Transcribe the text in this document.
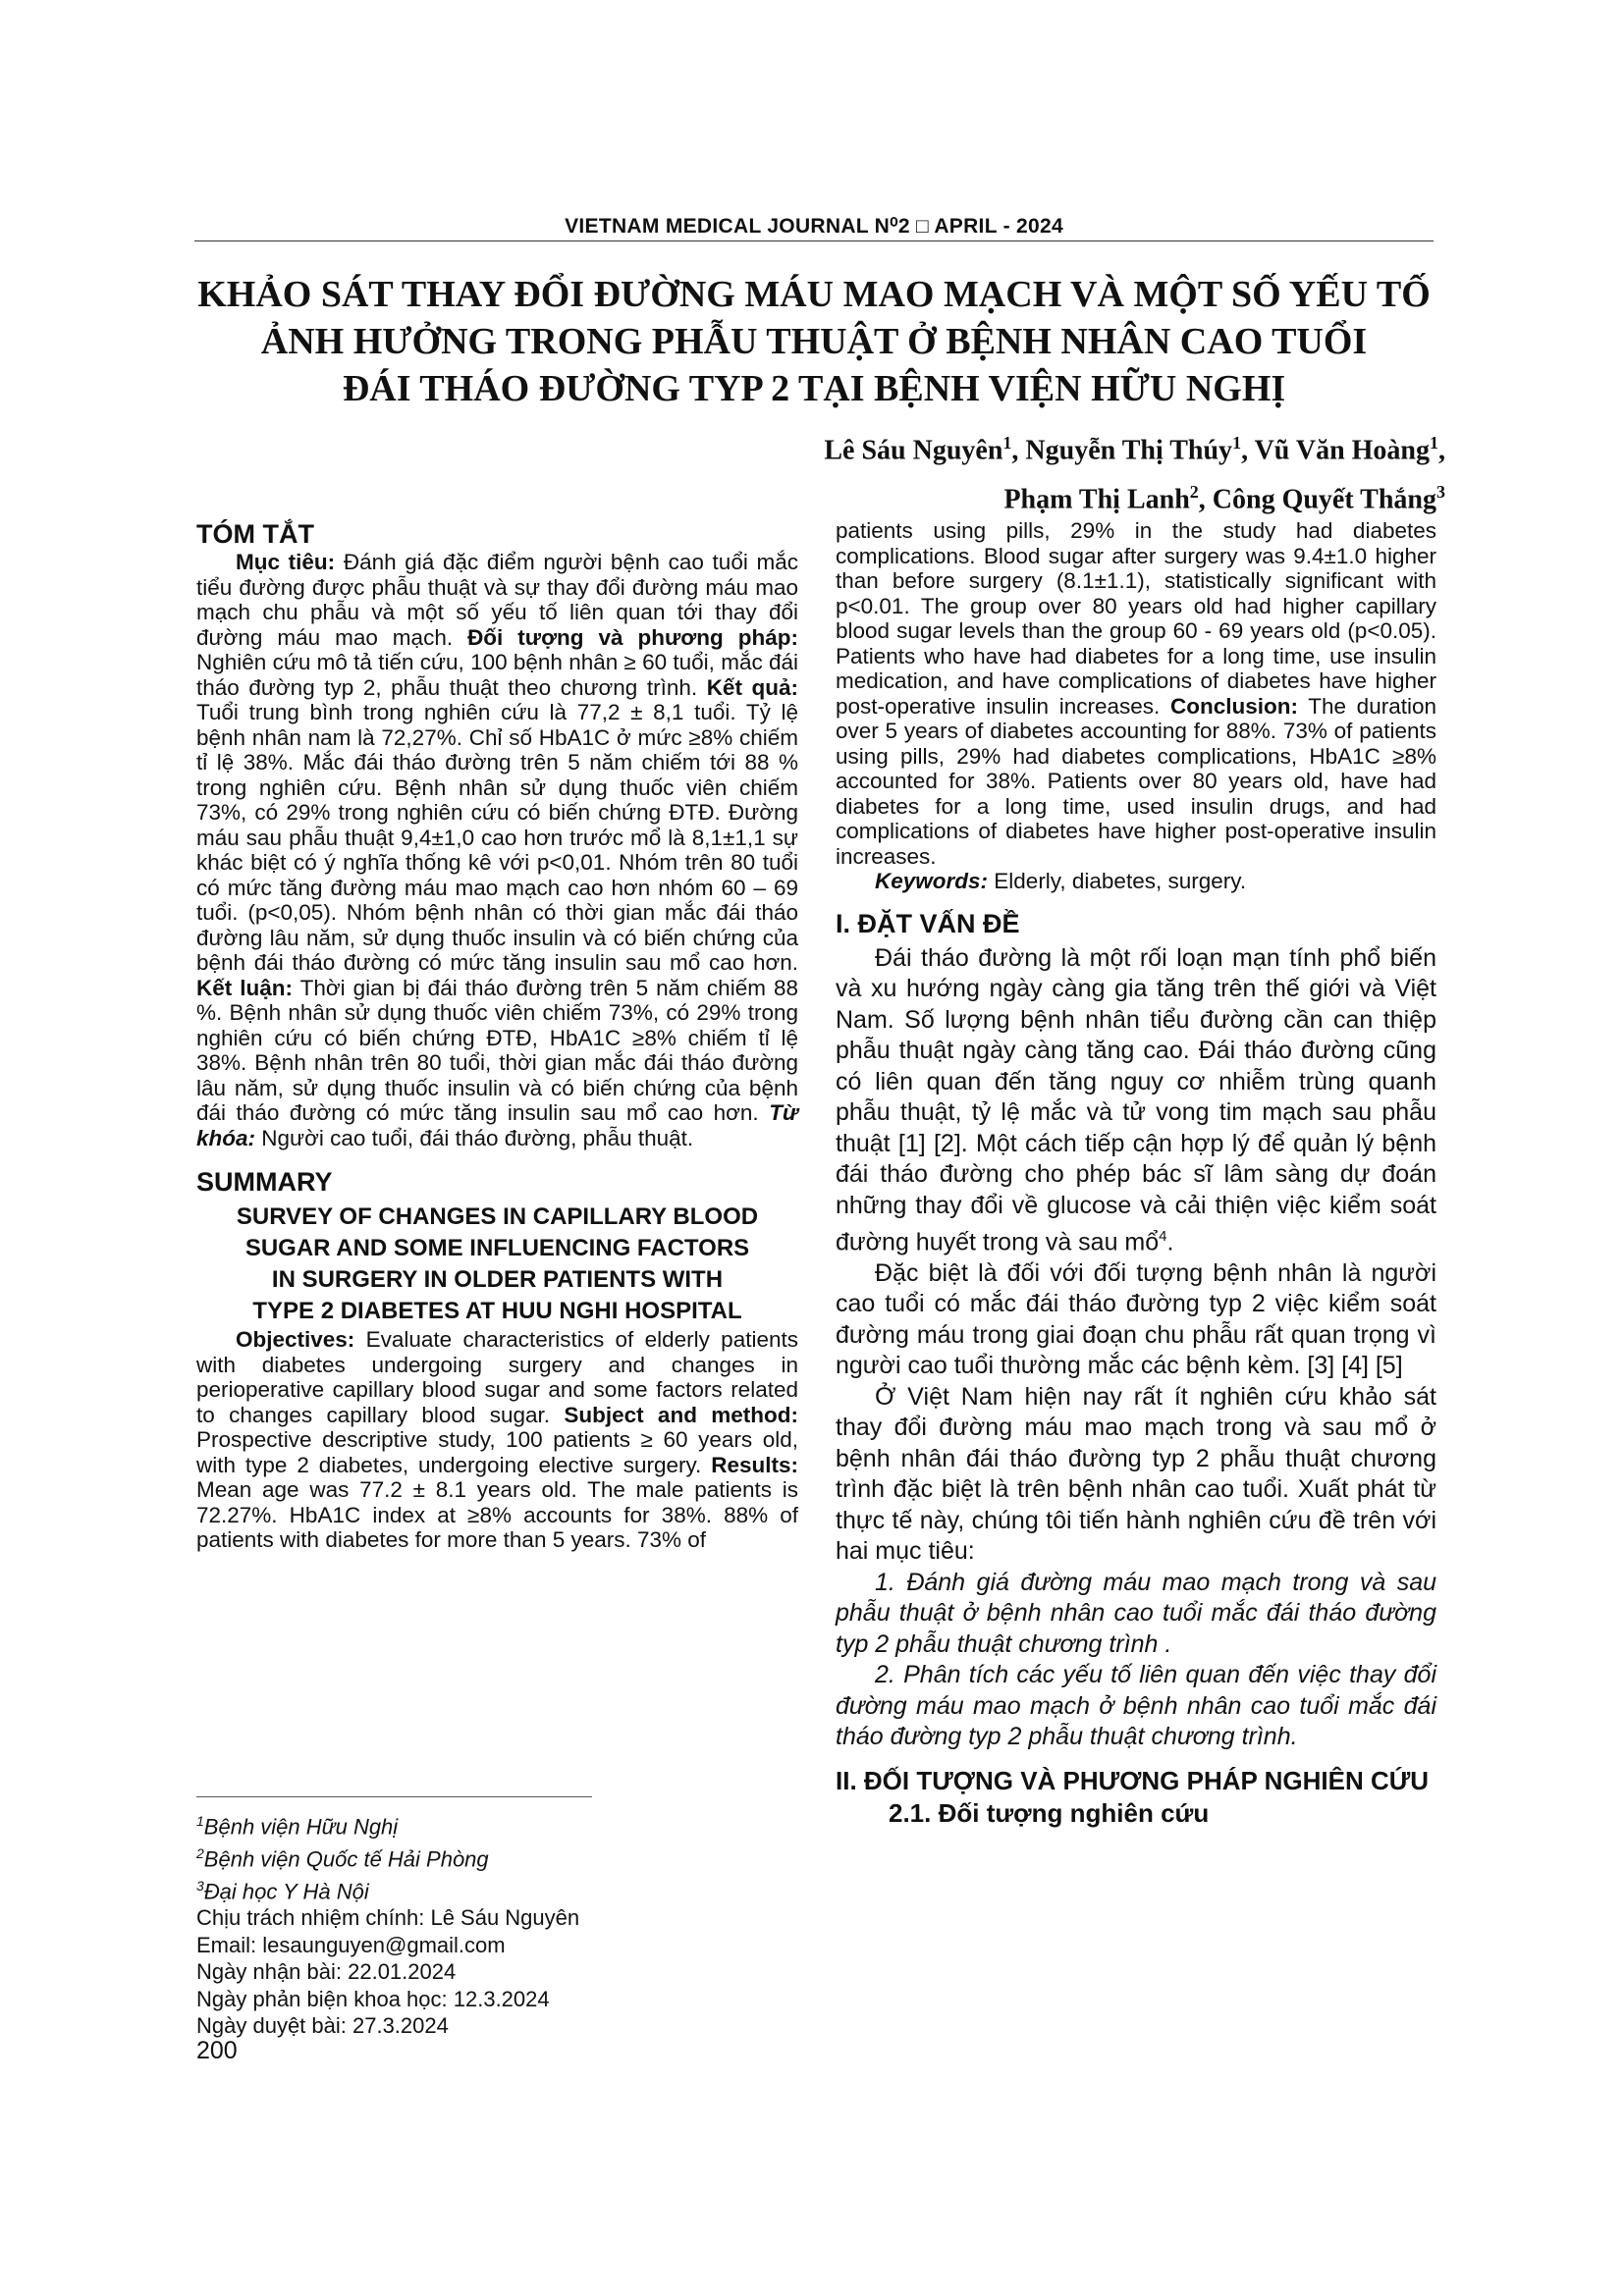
VIETNAM MEDICAL JOURNAL N⁰2 □ APRIL - 2024
KHẢO SÁT THAY ĐỔI ĐƯỜNG MÁU MAO MẠCH VÀ MỘT SỐ YẾU TỐ
ẢNH HƯỞNG TRONG PHẪU THUẬT Ở BỆNH NHÂN CAO TUỔI
ĐÁI THÁO ĐƯỜNG TYP 2 TẠI BỆNH VIỆN HỮU NGHỊ
Lê Sáu Nguyên$^1$, Nguyễn Thị Thúy$^1$, Vũ Văn Hoàng$^1$,
Phạm Thị Lanh$^2$, Công Quyết Thắng$^3$
TÓM TẮT

Mục tiêu: Đánh giá đặc điểm người bệnh cao tuổi mắc tiểu đường được phẫu thuật và sự thay đổi đường máu mao mạch chu phẫu và một số yếu tố liên quan tới thay đổi đường máu mao mạch. Đối tượng và phương pháp: Nghiên cứu mô tả tiến cứu, 100 bệnh nhân ≥ 60 tuổi, mắc đái tháo đường typ 2, phẫu thuật theo chương trình. Kết quả: Tuổi trung bình trong nghiên cứu là 77,2 ± 8,1 tuổi. Tỷ lệ bệnh nhân nam là 72,27%. Chỉ số HbA1C ở mức ≥8% chiếm tỉ lệ 38%. Mắc đái tháo đường trên 5 năm chiếm tới 88 % trong nghiên cứu. Bệnh nhân sử dụng thuốc viên chiếm 73%, có 29% trong nghiên cứu có biến chứng ĐTĐ. Đường máu sau phẫu thuật 9,4±1,0 cao hơn trước mổ là 8,1±1,1 sự khác biệt có ý nghĩa thống kê với p<0,01. Nhóm trên 80 tuổi có mức tăng đường máu mao mạch cao hơn nhóm 60 – 69 tuổi. (p<0,05). Nhóm bệnh nhân có thời gian mắc đái tháo đường lâu năm, sử dụng thuốc insulin và có biến chứng của bệnh đái tháo đường có mức tăng insulin sau mổ cao hơn. Kết luận: Thời gian bị đái tháo đường trên 5 năm chiếm 88 %. Bệnh nhân sử dụng thuốc viên chiếm 73%, có 29% trong nghiên cứu có biến chứng ĐTĐ, HbA1C ≥8% chiếm tỉ lệ 38%. Bệnh nhân trên 80 tuổi, thời gian mắc đái tháo đường lâu năm, sử dụng thuốc insulin và có biến chứng của bệnh đái tháo đường có mức tăng insulin sau mổ cao hơn. Từ khóa: Người cao tuổi, đái tháo đường, phẫu thuật.

SUMMARY
SURVEY OF CHANGES IN CAPILLARY BLOOD
SUGAR AND SOME INFLUENCING FACTORS
IN SURGERY IN OLDER PATIENTS WITH
TYPE 2 DIABETES AT HUU NGHI HOSPITAL

Objectives: Evaluate characteristics of elderly patients with diabetes undergoing surgery and changes in perioperative capillary blood sugar and some factors related to changes capillary blood sugar. Subject and method: Prospective descriptive study, 100 patients ≥ 60 years old, with type 2 diabetes, undergoing elective surgery. Results: Mean age was 77.2 ± 8.1 years old. The male patients is 72.27%. HbA1C index at ≥8% accounts for 38%. 88% of patients with diabetes for more than 5 years. 73% of

patients using pills, 29% in the study had diabetes complications. Blood sugar after surgery was 9.4±1.0 higher than before surgery (8.1±1.1), statistically significant with p<0.01. The group over 80 years old had higher capillary blood sugar levels than the group 60 - 69 years old (p<0.05). Patients who have had diabetes for a long time, use insulin medication, and have complications of diabetes have higher post-operative insulin increases. Conclusion: The duration over 5 years of diabetes accounting for 88%. 73% of patients using pills, 29% had diabetes complications, HbA1C ≥8% accounted for 38%. Patients over 80 years old, have had diabetes for a long time, used insulin drugs, and had complications of diabetes have higher post-operative insulin increases.

Keywords: Elderly, diabetes, surgery.

I. ĐẶT VẤN ĐỀ

Đái tháo đường là một rối loạn mạn tính phổ biến và xu hướng ngày càng gia tăng trên thế giới và Việt Nam. Số lượng bệnh nhân tiểu đường cần can thiệp phẫu thuật ngày càng tăng cao. Đái tháo đường cũng có liên quan đến tăng nguy cơ nhiễm trùng quanh phẫu thuật, tỷ lệ mắc và tử vong tim mạch sau phẫu thuật [1] [2]. Một cách tiếp cận hợp lý để quản lý bệnh đái tháo đường cho phép bác sĩ lâm sàng dự đoán những thay đổi về glucose và cải thiện việc kiểm soát đường huyết trong và sau mổ$^4$.

Đặc biệt là đối với đối tượng bệnh nhân là người cao tuổi có mắc đái tháo đường typ 2 việc kiểm soát đường máu trong giai đoạn chu phẫu rất quan trọng vì người cao tuổi thường mắc các bệnh kèm. [3] [4] [5]

Ở Việt Nam hiện nay rất ít nghiên cứu khảo sát thay đổi đường máu mao mạch trong và sau mổ ở bệnh nhân đái tháo đường typ 2 phẫu thuật chương trình đặc biệt là trên bệnh nhân cao tuổi. Xuất phát từ thực tế này, chúng tôi tiến hành nghiên cứu đề trên với hai mục tiêu:

1. Đánh giá đường máu mao mạch trong và sau phẫu thuật ở bệnh nhân cao tuổi mắc đái tháo đường typ 2 phẫu thuật chương trình .

2. Phân tích các yếu tố liên quan đến việc thay đổi đường máu mao mạch ở bệnh nhân cao tuổi mắc đái tháo đường typ 2 phẫu thuật chương trình.

II. ĐỐI TƯỢNG VÀ PHƯƠNG PHÁP NGHIÊN CỨU
2.1. Đối tượng nghiên cứu
$^1$Bệnh viện Hữu Nghị
$^2$Bệnh viện Quốc tế Hải Phòng
$^3$Đại học Y Hà Nội
Chịu trách nhiệm chính: Lê Sáu Nguyên
Email: lesaunguyen@gmail.com
Ngày nhận bài: 22.01.2024
Ngày phản biện khoa học: 12.3.2024
Ngày duyệt bài: 27.3.2024
200
